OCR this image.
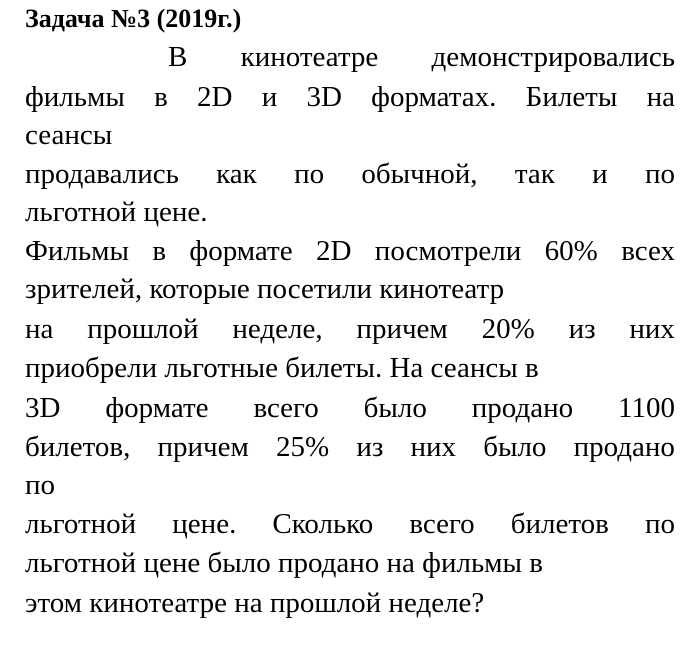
Задача №3 (2019г.)
В кинотеатре демонстрировались
фильмы в 2D и 3D форматах. Билеты на
сеансы
продавались как по обычной, так и по
льготной цене.
Фильмы в формате 2D посмотрели 60% всех
зрителей, которые посетили кинотеатр
на прошлой неделе, причем 20% из них
приобрели льготные билеты. На сеансы в
3D формате всего было продано 1100
билетов, причем 25% из них было продано
по
льготной цене. Сколько всего билетов по
льготной цене было продано на фильмы в
этом кинотеатре на прошлой неделе?
